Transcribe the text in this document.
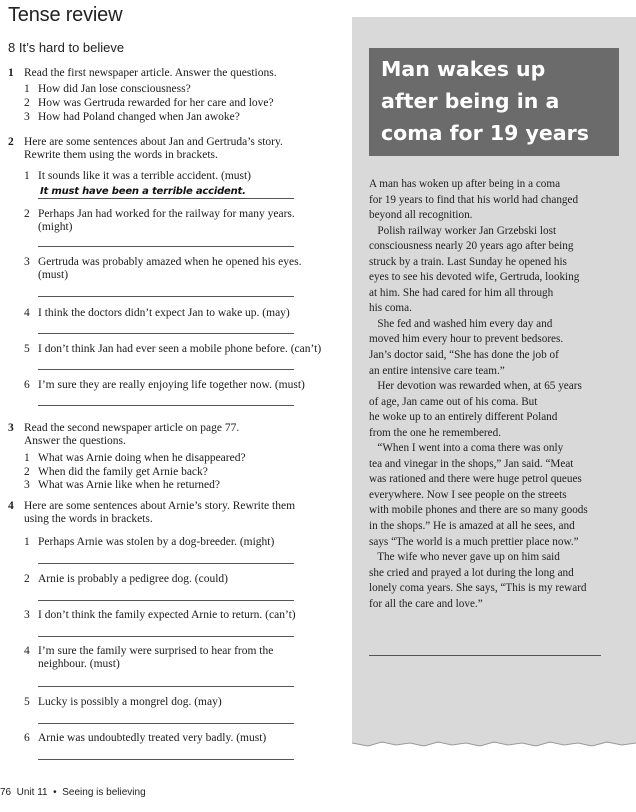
Tense review
8 It’s hard to believe
1 Read the first newspaper article. Answer the questions.
1 How did Jan lose consciousness?
2 How was Gertruda rewarded for her care and love?
3 How had Poland changed when Jan awoke?
2 Here are some sentences about Jan and Gertruda’s story.
Rewrite them using the words in brackets.
1 It sounds like it was a terrible accident. (must)
It must have been a terrible accident.
2 Perhaps Jan had worked for the railway for many years.
(might)
3 Gertruda was probably amazed when he opened his eyes.
(must)
4 I think the doctors didn’t expect Jan to wake up. (may)
5 I don’t think Jan had ever seen a mobile phone before. (can’t)
6 I’m sure they are really enjoying life together now. (must)
3 Read the second newspaper article on page 77.
Answer the questions.
1 What was Arnie doing when he disappeared?
2 When did the family get Arnie back?
3 What was Arnie like when he returned?
4 Here are some sentences about Arnie’s story. Rewrite them
using the words in brackets.
1 Perhaps Arnie was stolen by a dog-breeder. (might)
2 Arnie is probably a pedigree dog. (could)
3 I don’t think the family expected Arnie to return. (can’t)
4 I’m sure the family were surprised to hear from the
neighbour. (must)
5 Lucky is possibly a mongrel dog. (may)
6 Arnie was undoubtedly treated very badly. (must)
Man wakes up
after being in a
coma for 19 years
A man has woken up after being in a coma
for 19 years to find that his world had changed
beyond all recognition.
Polish railway worker Jan Grzebski lost
consciousness nearly 20 years ago after being
struck by a train. Last Sunday he opened his
eyes to see his devoted wife, Gertruda, looking
at him. She had cared for him all through
his coma.
She fed and washed him every day and
moved him every hour to prevent bedsores.
Jan’s doctor said, “She has done the job of
an entire intensive care team.”
Her devotion was rewarded when, at 65 years
of age, Jan came out of his coma. But
he woke up to an entirely different Poland
from the one he remembered.
“When I went into a coma there was only
tea and vinegar in the shops,” Jan said. “Meat
was rationed and there were huge petrol queues
everywhere. Now I see people on the streets
with mobile phones and there are so many goods
in the shops.” He is amazed at all he sees, and
says “The world is a much prettier place now.”
The wife who never gave up on him said
she cried and prayed a lot during the long and
lonely coma years. She says, “This is my reward
for all the care and love.”
76  Unit 11  •  Seeing is believing
